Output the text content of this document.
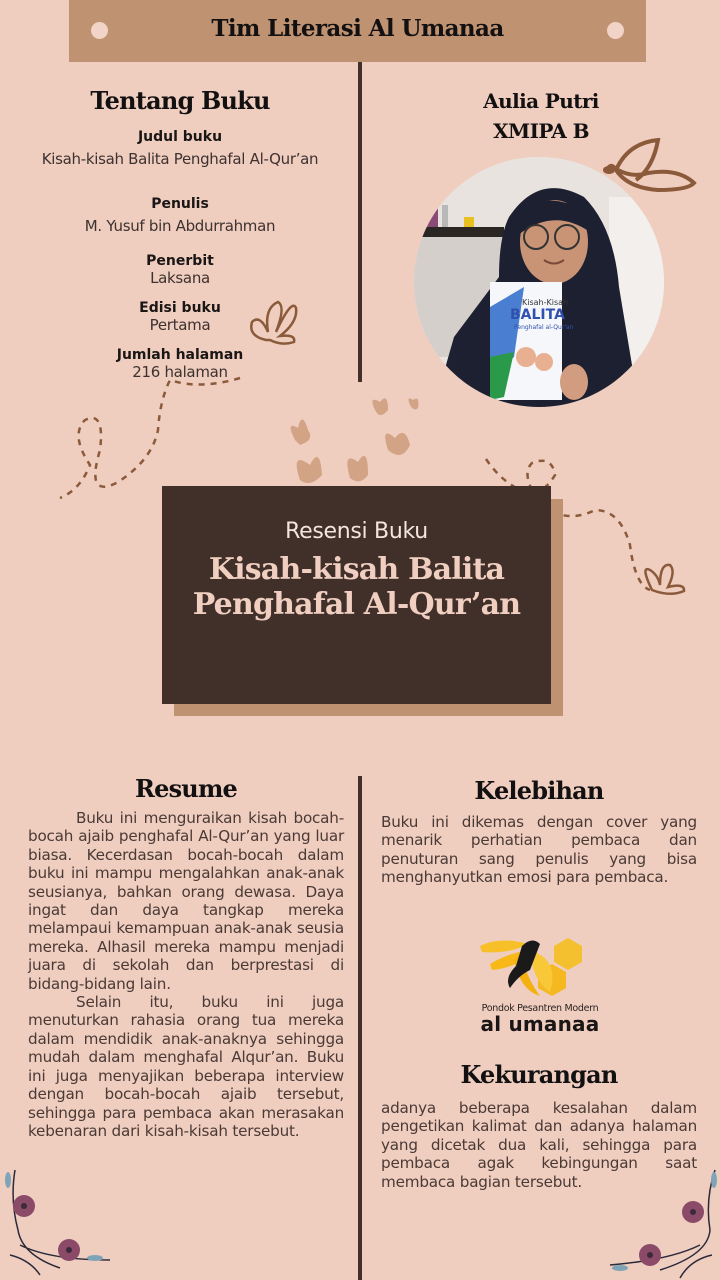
Tim Literasi Al Umanaa
Tentang Buku
Judul buku
Kisah-kisah Balita Penghafal Al-Qur’an
Penulis
M. Yusuf bin Abdurrahman
Penerbit
Laksana
Edisi buku
Pertama
Jumlah halaman
216 halaman
Aulia Putri
XMIPA B
Kisah-Kisah
BALITA
Penghafal al-Qur'an
Resensi Buku
Kisah-kisah Balita Penghafal Al-Qur’an
Resume

Buku ini menguraikan kisah bocah-bocah ajaib penghafal Al-Qur’an yang luar biasa. Kecerdasan bocah-bocah dalam buku ini mampu mengalahkan anak-anak seusianya, bahkan orang dewasa. Daya ingat dan daya tangkap mereka melampaui kemampuan anak-anak seusia mereka. Alhasil mereka mampu menjadi juara di sekolah dan berprestasi di bidang-bidang lain.

Selain itu, buku ini juga menuturkan rahasia orang tua mereka dalam mendidik anak-anaknya sehingga mudah dalam menghafal Alqur’an. Buku ini juga menyajikan beberapa interview dengan bocah-bocah ajaib tersebut, sehingga para pembaca akan merasakan kebenaran dari kisah-kisah tersebut.

Kelebihan

Buku ini dikemas dengan cover yang menarik perhatian pembaca dan penuturan sang penulis yang bisa menghanyutkan emosi para pembaca.

Pondok Pesantren Modern
al umanaa
Kekurangan

adanya beberapa kesalahan dalam pengetikan kalimat dan adanya halaman yang dicetak dua kali, sehingga para pembaca agak kebingungan saat membaca bagian tersebut.
